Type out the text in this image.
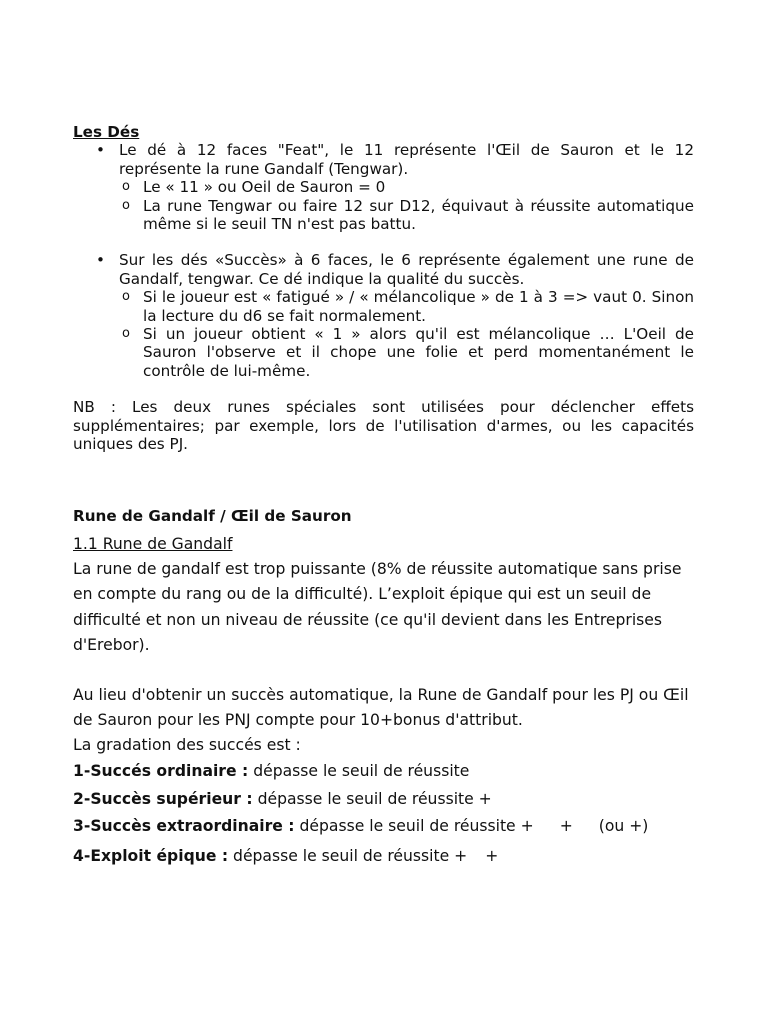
Les Dés
• Le dé à 12 faces "Feat", le 11 représente l'Œil de Sauron et le 12 représente la rune Gandalf (Tengwar).
o Le « 11 » ou Oeil de Sauron = 0
o La rune Tengwar ou faire 12 sur D12, équivaut à réussite automatique même si le seuil TN n'est pas battu.
• Sur les dés «Succès» à 6 faces, le 6 représente également une rune de Gandalf, tengwar. Ce dé indique la qualité du succès.
o Si le joueur est « fatigué » / « mélancolique » de 1 à 3 => vaut 0. Sinon la lecture du d6 se fait normalement.
o Si un joueur obtient « 1 » alors qu'il est mélancolique … L'Oeil de Sauron l'observe et il chope une folie et perd momentanément le contrôle de lui-même.
NB : Les deux runes spéciales sont utilisées pour déclencher effets supplémentaires; par exemple, lors de l'utilisation d'armes, ou les capacités uniques des PJ.
Rune de Gandalf / Œil de Sauron
1.1 Rune de Gandalf
La rune de gandalf est trop puissante (8% de réussite automatique sans prise en compte du rang ou de la difficulté). L’exploit épique qui est un seuil de difficulté et non un niveau de réussite (ce qu'il devient dans les Entreprises d'Erebor).
Au lieu d'obtenir un succès automatique, la Rune de Gandalf pour les PJ ou Œil de Sauron pour les PNJ compte pour 10+bonus d'attribut.
La gradation des succés est :
1-Succés ordinaire : dépasse le seuil de réussite
2-Succès supérieur : dépasse le seuil de réussite +
3-Succès extraordinaire : dépasse le seuil de réussite + + (ou +)
4-Exploit épique : dépasse le seuil de réussite + +
